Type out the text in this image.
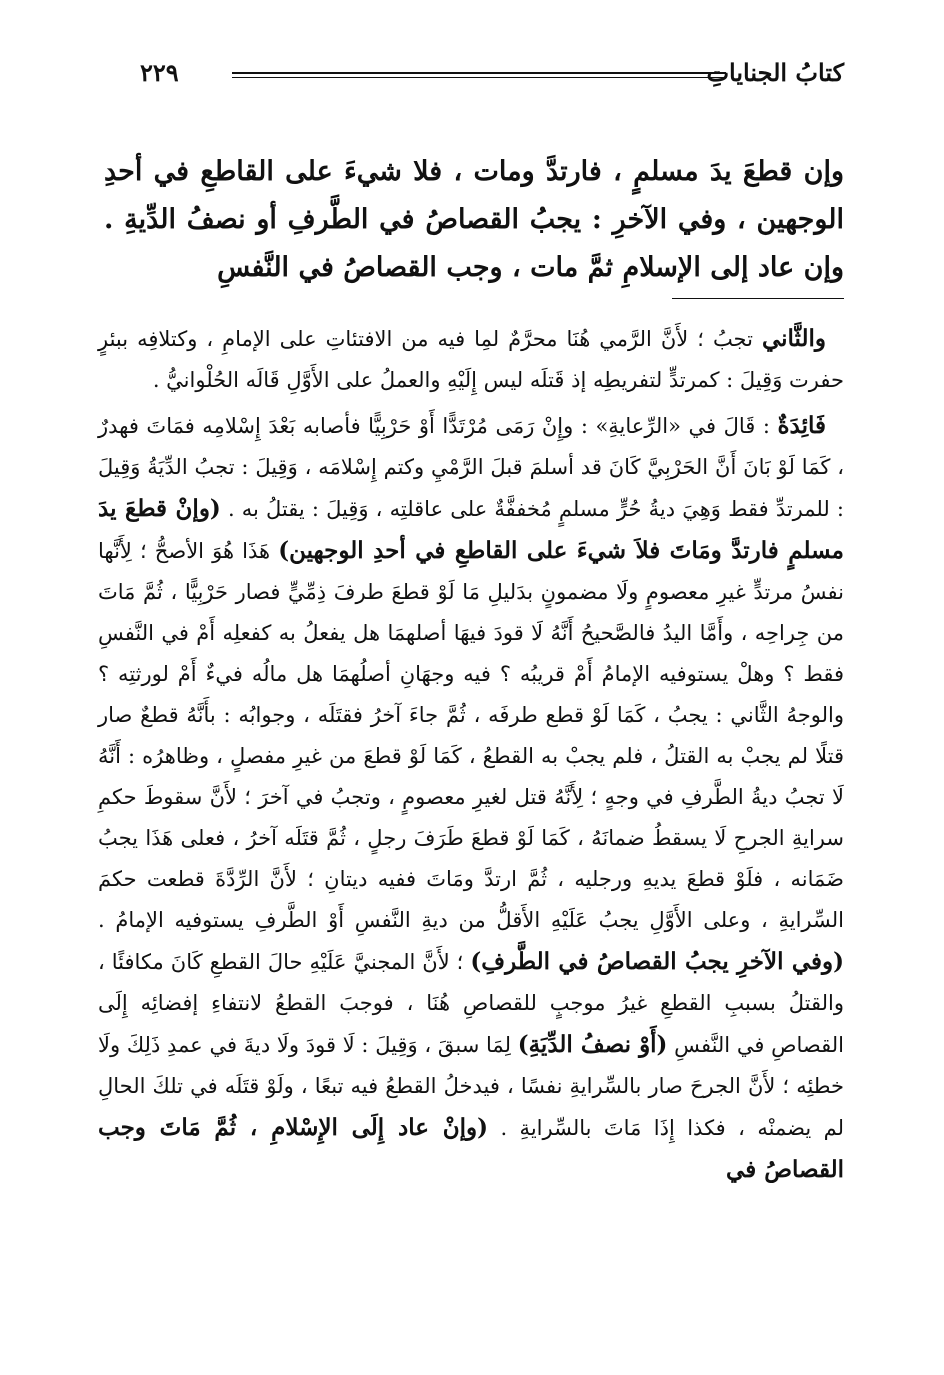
كتابُ الجناياتِ
٢٢٩

وإن قطعَ يدَ مسلمٍ ، فارتدَّ ومات ، فلا شيءَ على القاطعِ في أحدِ الوجهين ، وفي الآخرِ : يجبُ القصاصُ في الطَّرفِ أو نصفُ الدِّيةِ . وإن عاد إلى الإسلامِ ثمَّ مات ، وجب القصاصُ في النَّفسِ

والثَّاني تجبُ ؛ لأَنَّ الرَّمي هُنَا محرَّمٌ لمِا فيه من الافتئاتِ على الإمامِ ، وكتلافِه ببئرٍ حفرت وَقِيلَ : كمرتدٍّ لتفريطِه إذ قَتلَه ليس إِلَيْهِ والعملُ على الأَوَّلِ قَالَه الحُلْوانيُّ .

فَائِدَةٌ : قَالَ في «الرِّعايةِ» : وإِنْ رَمَى مُرْتَدًّا أَوْ حَرْبِيًّا فأصابه بَعْدَ إِسْلامِه فمَاتَ فهدرٌ ، كَمَا لَوْ بَانَ أَنَّ الحَرْبِيَّ كَانَ قد أسلمَ قبلَ الرَّمْيِ وكتم إِسْلامَه ، وَقِيلَ : تجبُ الدِّيَةُ وَقِيلَ : للمرتدِّ فقط وَهِيَ ديةُ حُرٍّ مسلمٍ مُخففَّةٌ على عاقلتِه ، وَقِيلَ : يقتلُ به . (وإنْ قطعَ يدَ مسلمٍ فارتدَّ ومَاتَ فلاَ شيءَ على القاطعِ في أحدِ الوجهين) هَذَا هُوَ الأصحُّ ؛ لِأَنَّها نفسُ مرتدٍّ غيرِ معصومٍ ولَا مضمونٍ بدَليلِ مَا لَوْ قطعَ طرفَ ذِمِّيٍّ فصار حَرْبِيًّا ، ثُمَّ مَاتَ من جِراحِه ، وأَمَّا اليدُ فالصَّحيحُ أَنَّهُ لَا قودَ فيهَا أصلهمَا هل يفعلُ به كفعلِه أَمْ في النَّفسِ فقط ؟ وهلْ يستوفيه الإمامُ أَمْ قريبُه ؟ فيه وجهَانِ أصلُهمَا هل مالُه فيءٌ أَمْ لورثتِه ؟ والوجهُ الثَّاني : يجبُ ، كَمَا لَوْ قطع طرفَه ، ثُمَّ جاءَ آخرُ فقتَلَه ، وجوابُه : بأَنَّهُ قطعٌ صار قتلًا لم يجبْ به القتلُ ، فلم يجبْ به القطعُ ، كَمَا لَوْ قطعَ من غيرِ مفصلٍ ، وظاهرُه : أَنَّهُ لَا تجبُ ديةُ الطَّرفِ في وجهٍ ؛ لِأَنَّهُ قتل لغيرِ معصومٍ ، وتجبُ في آخرَ ؛ لأَنَّ سقوطَ حكمِ سرايةِ الجرحِ لَا يسقطُ ضمانَهُ ، كَمَا لَوْ قطعَ طَرَفَ رجلٍ ، ثُمَّ قتَلَه آخرُ ، فعلى هَذَا يجبُ ضَمَانه ، فلَوْ قطعَ يديهِ ورجليه ، ثُمَّ ارتدَّ ومَاتَ ففيه ديتانِ ؛ لأَنَّ الرِّدَّةَ قطعت حكمَ السِّرايةِ ، وعلى الأَوَّلِ يجبُ عَلَيْهِ الأَقلُّ من ديةِ النَّفسِ أَوْ الطَّرفِ يستوفيه الإمامُ . (وفي الآخرِ يجبُ القصاصُ في الطَّرفِ) ؛ لأَنَّ المجنيَّ عَلَيْهِ حالَ القطعِ كَانَ مكافئًا ، والقتلُ بسببِ القطعِ غيرُ موجبٍ للقصاصِ هُنَا ، فوجبَ القطعُ لانتفاءِ إفضائِه إِلَى القصاصِ في النَّفسِ (أَوْ نصفُ الدِّيَةِ) لِمَا سبقَ ، وَقِيلَ : لَا قودَ ولَا ديةَ في عمدِ ذَلِكَ ولَا خطئِه ؛ لأَنَّ الجرحَ صار بالسِّرايةِ نفسًا ، فيدخلُ القطعُ فيه تبعًا ، ولَوْ قتَلَه في تلكَ الحالِ لم يضمنْه ، فكذا إِذَا مَاتَ بالسِّرايةِ . (وإنْ عاد إِلَى الإِسْلامِ ، ثُمَّ مَاتَ وجب القصاصُ في
